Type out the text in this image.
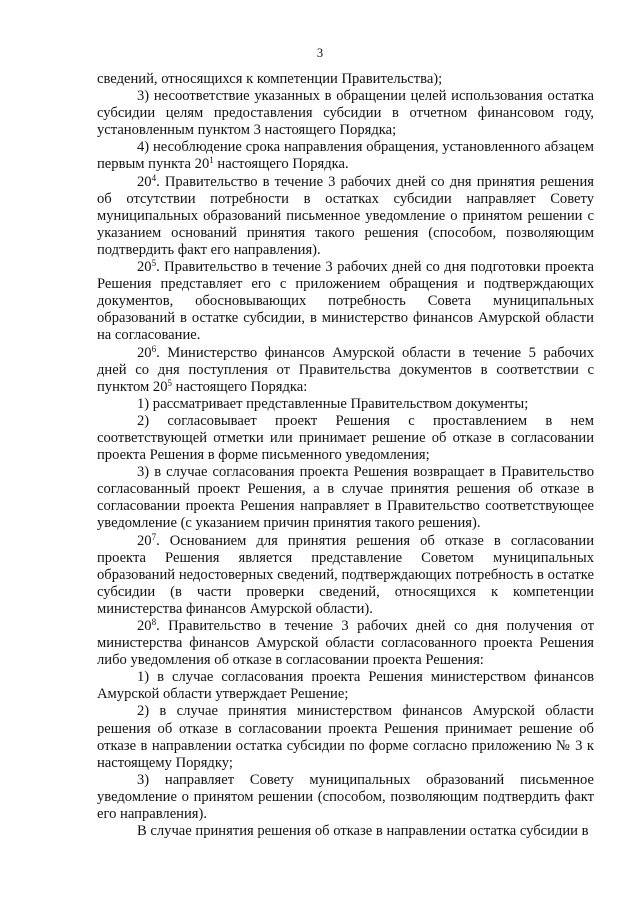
3

сведений, относящихся к компетенции Правительства);

3) несоответствие указанных в обращении целей использования остатка субсидии целям предоставления субсидии в отчетном финансовом году, установленным пунктом 3 настоящего Порядка;

4) несоблюдение срока направления обращения, установленного абзацем первым пункта $20^1$ настоящего Порядка.

$20^4$. Правительство в течение 3 рабочих дней со дня принятия решения об отсутствии потребности в остатках субсидии направляет Совету муниципальных образований письменное уведомление о принятом решении с указанием оснований принятия такого решения (способом, позволяющим подтвердить факт его направления).

$20^5$. Правительство в течение 3 рабочих дней со дня подготовки проекта Решения представляет его с приложением обращения и подтверждающих документов, обосновывающих потребность Совета муниципальных образований в остатке субсидии, в министерство финансов Амурской области на согласование.

$20^6$. Министерство финансов Амурской области в течение 5 рабочих дней со дня поступления от Правительства документов в соответствии с пунктом $20^5$ настоящего Порядка:

1) рассматривает представленные Правительством документы;

2) согласовывает проект Решения с проставлением в нем соответствующей отметки или принимает решение об отказе в согласовании проекта Решения в форме письменного уведомления;

3) в случае согласования проекта Решения возвращает в Правительство согласованный проект Решения, а в случае принятия решения об отказе в согласовании проекта Решения направляет в Правительство соответствующее уведомление (с указанием причин принятия такого решения).

$20^7$. Основанием для принятия решения об отказе в согласовании проекта Решения является представление Советом муниципальных образований недостоверных сведений, подтверждающих потребность в остатке субсидии (в части проверки сведений, относящихся к компетенции министерства финансов Амурской области).

$20^8$. Правительство в течение 3 рабочих дней со дня получения от министерства финансов Амурской области согласованного проекта Решения либо уведомления об отказе в согласовании проекта Решения:

1) в случае согласования проекта Решения министерством финансов Амурской области утверждает Решение;

2) в случае принятия министерством финансов Амурской области решения об отказе в согласовании проекта Решения принимает решение об отказе в направлении остатка субсидии по форме согласно приложению № 3 к настоящему Порядку;

3) направляет Совету муниципальных образований письменное уведомление о принятом решении (способом, позволяющим подтвердить факт его направления).

В случае принятия решения об отказе в направлении остатка субсидии в
